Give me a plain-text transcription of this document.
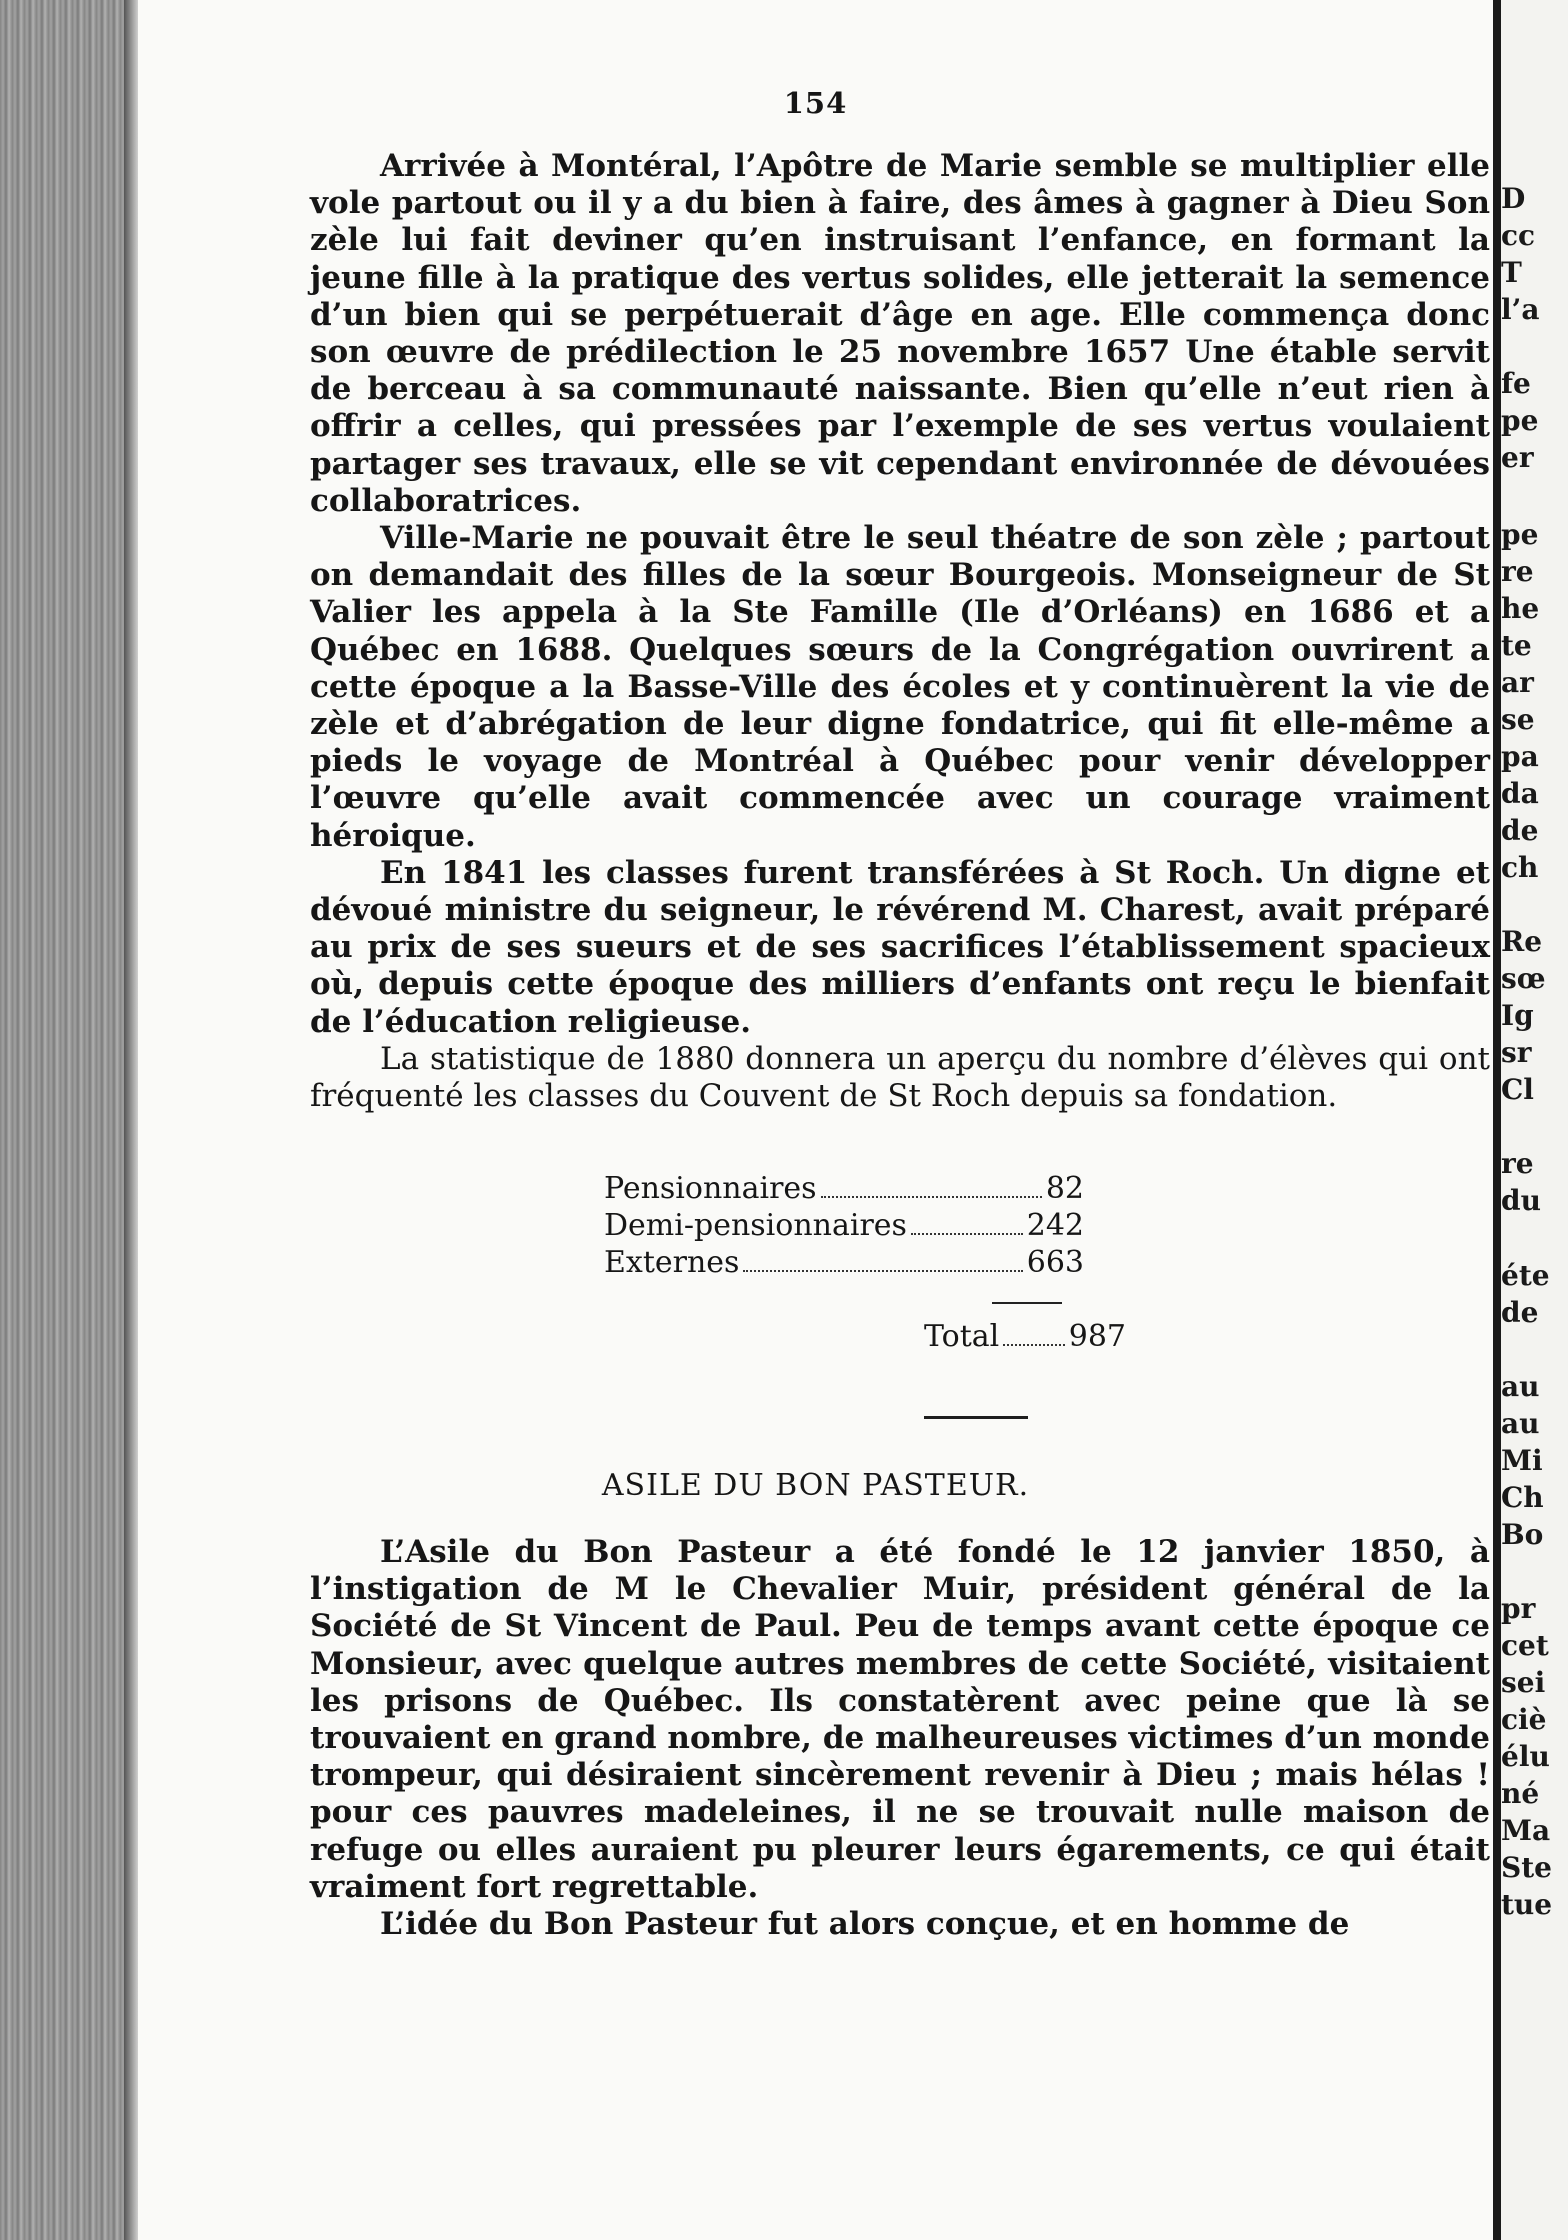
154

Arrivée à Montéral, l’Apôtre de Marie semble se multiplier elle vole partout ou il y a du bien à faire, des âmes à gagner à Dieu Son zèle lui fait deviner qu’en instruisant l’enfance, en formant la jeune fille à la pratique des vertus solides, elle jetterait la semence d’un bien qui se perpétuerait d’âge en age. Elle commença donc son œuvre de prédilection le 25 novembre 1657 Une étable servit de berceau à sa communauté naissante. Bien qu’elle n’eut rien à offrir a celles, qui pressées par l’exemple de ses vertus voulaient partager ses travaux, elle se vit cependant environnée de dévouées collaboratrices.

Ville-Marie ne pouvait être le seul théatre de son zèle ; partout on demandait des filles de la sœur Bourgeois. Monseigneur de St Valier les appela à la Ste Famille (Ile d’Orléans) en 1686 et a Québec en 1688. Quelques sœurs de la Congrégation ouvrirent a cette époque a la Basse-Ville des écoles et y continuèrent la vie de zèle et d’abrégation de leur digne fondatrice, qui fit elle-même a pieds le voyage de Montréal à Québec pour venir développer l’œuvre qu’elle avait commencée avec un courage vraiment héroique.

En 1841 les classes furent transférées à St Roch. Un digne et dévoué ministre du seigneur, le révérend M. Charest, avait préparé au prix de ses sueurs et de ses sacrifices l’établissement spacieux où, depuis cette époque des milliers d’enfants ont reçu le bienfait de l’éducation religieuse.

La statistique de 1880 donnera un aperçu du nombre d’élèves qui ont fréquenté les classes du Couvent de St Roch depuis sa fondation.

Pensionnaires	82
Demi-pensionnaires	242
Externes	663
Total 987
ASILE DU BON PASTEUR.

L’Asile du Bon Pasteur a été fondé le 12 janvier 1850, à l’instigation de M le Chevalier Muir, président général de la Société de St Vincent de Paul. Peu de temps avant cette époque ce Monsieur, avec quelque autres membres de cette Société, visitaient les prisons de Québec. Ils constatèrent avec peine que là se trouvaient en grand nombre, de malheureuses victimes d’un monde trompeur, qui désiraient sincèrement revenir à Dieu ; mais hélas ! pour ces pauvres madeleines, il ne se trouvait nulle maison de refuge ou elles auraient pu pleurer leurs égarements, ce qui était vraiment fort regrettable.

L’idée du Bon Pasteur fut alors conçue, et en homme de

D
cc
T
l’a
fe
pe
er
pe
re
he
te
ar
se
pa
da
de
ch
Re
sœ
Ig
sr
Cl
re
du
éte
de
au
au
Mi
Ch
Bo
pr
cet
sei
ciè
élu
né
Ma
Ste
tue
